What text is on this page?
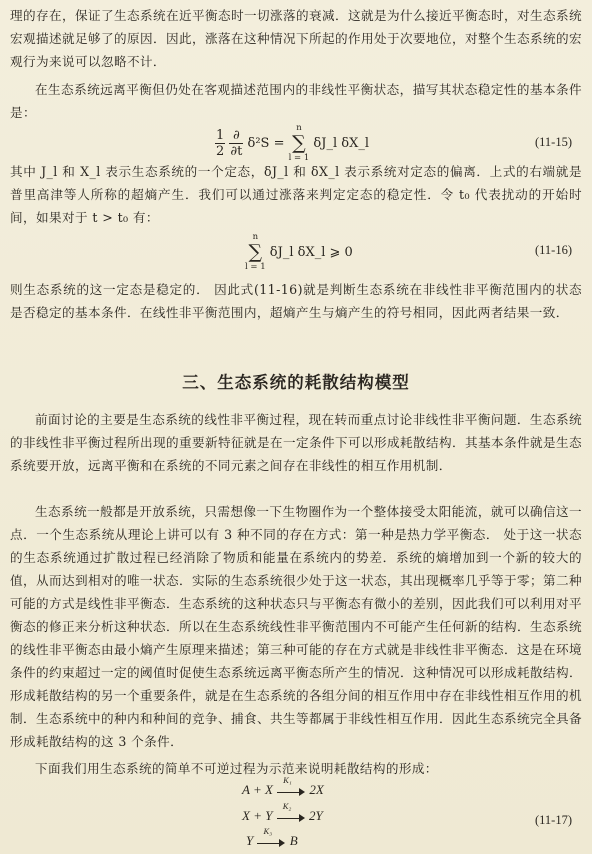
理的存在，保证了生态系统在近平衡态时一切涨落的衰减．这就是为什么接近平衡态时，对生态系统宏观描述就足够了的原因．因此，涨落在这种情况下所起的作用处于次要地位，对整个生态系统的宏观行为来说可以忽略不计．
在生态系统远离平衡但仍处在客观描述范围内的非线性平衡状态，描写其状态稳定性的基本条件是：
$\frac{1}{2}$
$\frac{\partial}{\partial t} \delta^2S$ =
n
∑
l = 1
δJ_l δX_l	(11-15)
其中 J_l 和 X_l 表示生态系统的一个定态，δJ_l 和 δX_l 表示系统对定态的偏离．上式的右端就是普里高津等人所称的超熵产生．我们可以通过涨落来判定定态的稳定性．令 t₀ 代表扰动的开始时间，如果对于 t > t₀ 有：
n
∑
l = 1
δJ_l δX_l ⩾ 0	(11-16)
则生态系统的这一定态是稳定的． 因此式(11-16)就是判断生态系统在非线性非平衡范围内的状态是否稳定的基本条件．在线性非平衡范围内，超熵产生与熵产生的符号相同，因此两者结果一致．
三、生态系统的耗散结构模型
前面讨论的主要是生态系统的线性非平衡过程，现在转而重点讨论非线性非平衡问题．生态系统的非线性非平衡过程所出现的重要新特征就是在一定条件下可以形成耗散结构．其基本条件就是生态系统要开放，远离平衡和在系统的不同元素之间存在非线性的相互作用机制．
生态系统一般都是开放系统，只需想像一下生物圈作为一个整体接受太阳能流，就可以确信这一点．一个生态系统从理论上讲可以有 3 种不同的存在方式：第一种是热力学平衡态． 处于这一状态的生态系统通过扩散过程已经消除了物质和能量在系统内的势差．系统的熵增加到一个新的较大的值，从而达到相对的唯一状态．实际的生态系统很少处于这一状态，其出现概率几乎等于零；第二种可能的方式是线性非平衡态．生态系统的这种状态只与平衡态有微小的差别，因此我们可以利用对平衡态的修正来分析这种状态．所以在生态系统线性非平衡范围内不可能产生任何新的结构．生态系统的线性非平衡态由最小熵产生原理来描述；第三种可能的存在方式就是非线性非平衡态．这是在环境条件的约束超过一定的阈值时促使生态系统远离平衡态所产生的情况．这种情况可以形成耗散结构．形成耗散结构的另一个重要条件，就是在生态系统的各组分间的相互作用中存在非线性相互作用的机制．生态系统中的种内和种间的竞争、捕食、共生等都属于非线性相互作用．因此生态系统完全具备形成耗散结构的这 3 个条件．
下面我们用生态系统的简单不可逆过程为示范来说明耗散结构的形成：
A + X
K₁
2X
X + Y
K₂
2Y	(11-17)
Y
K₃
B
